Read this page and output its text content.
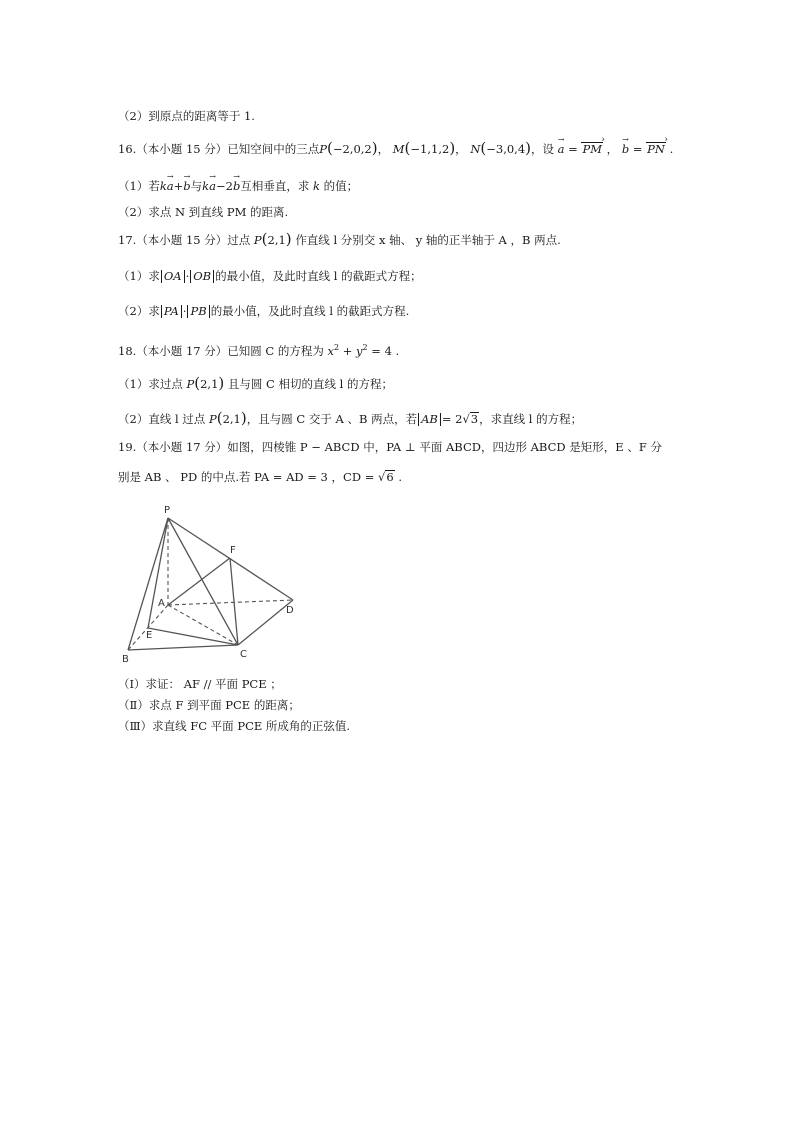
（2）到原点的距离等于 1.
16.（本小题 15 分）已知空间中的三点P(−2,0,2)， M(−1,1,2)， N(−3,0,4)，设 → a = PM › ， → b = PN › .
（1）若k→ a+→ b与k→ a−2→ b互相垂直，求 k 的值；
（2）求点 N 到直线 PM 的距离.
17.（本小题 15 分）过点 P(2,1) 作直线 l 分别交 x 轴、 y 轴的正半轴于 A ，B 两点.
（1）求 OA · OB 的最小值，及此时直线 l 的截距式方程；
（2）求 PA · PB 的最小值，及此时直线 l 的截距式方程.
18.（本小题 17 分）已知圆 C 的方程为 $x^2 + y^2 = 4$ .
（1）求过点 P(2,1) 且与圆 C 相切的直线 l 的方程；
（2）直线 l 过点 P(2,1)，且与圆 C 交于 A 、B 两点，若 AB = 2√3，求直线 l 的方程；
19.（本小题 17 分）如图，四棱锥 P − ABCD 中，PA ⊥ 平面 ABCD，四边形 ABCD 是矩形，E 、F 分
别是 AB 、 PD 的中点.若 PA = AD = 3 ，CD = √6 .
P
F
A
D
E
B	C
（Ⅰ）求证： AF // 平面 PCE ；
（Ⅱ）求点 F 到平面 PCE 的距离；
（Ⅲ）求直线 FC 平面 PCE 所成角的正弦值.
